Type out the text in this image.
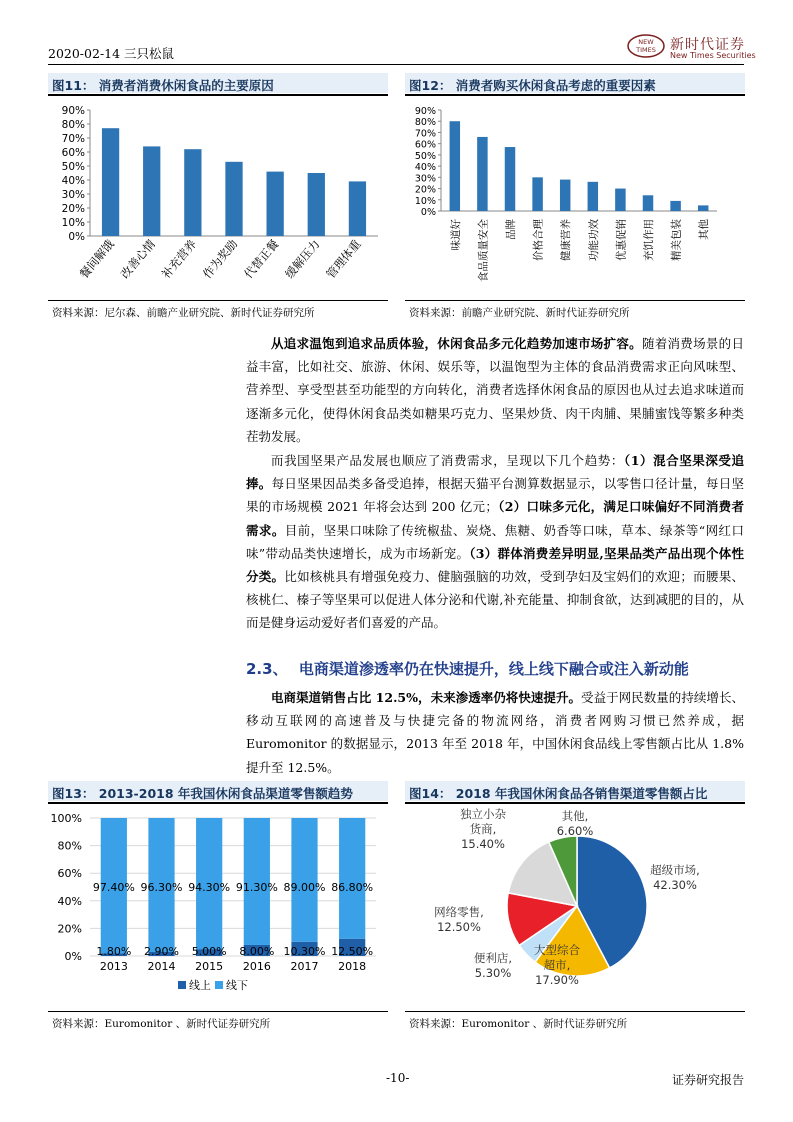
2020-02-14 三只松鼠
NEW
TIMES 新时代证券
New Times Securities
图11： 消费者消费休闲食品的主要原因	图12： 消费者购买休闲食品考虑的重要因素
0%
10%
20%
30%
40%
50%
60%
70%
80%
90%
餐间解饿 改善心情 补充营养 作为奖励 代替正餐 缓解压力 管理体重
0%
10%
20%
30%
40%
50%
60%
70%
80%
90%
味道好 食品质量安全 品牌 价格合理 健康营养 功能功效 优惠促销 充饥作用 精美包装 其他
资料来源：尼尔森、前瞻产业研究院、新时代证券研究所	资料来源：前瞻产业研究院、新时代证券研究所
从追求温饱到追求品质体验，休闲食品多元化趋势加速市场扩容。随着消费场景的日益丰富，比如社交、旅游、休闲、娱乐等，以温饱型为主体的食品消费需求正向风味型、营养型、享受型甚至功能型的方向转化，消费者选择休闲食品的原因也从过去追求味道而逐渐多元化，使得休闲食品类如糖果巧克力、坚果炒货、肉干肉脯、果脯蜜饯等繁多种类茬勃发展。
而我国坚果产品发展也顺应了消费需求，呈现以下几个趋势：（1）混合坚果深受追捧。每日坚果因品类多备受追捧，根据天猫平台测算数据显示，以零售口径计量，每日坚果的市场规模 2021 年将会达到 200 亿元；（2）口味多元化，满足口味偏好不同消费者需求。目前，坚果口味除了传统椒盐、炭烧、焦糖、奶香等口味，草本、绿茶等“网红口味”带动品类快速增长，成为市场新宠。（3）群体消费差异明显,坚果品类产品出现个体性分类。比如核桃具有增强免疫力、健脑强脑的功效，受到孕妇及宝妈们的欢迎；而腰果、核桃仁、榛子等坚果可以促进人体分泌和代谢,补充能量、抑制食欲，达到减肥的目的，从而是健身运动爱好者们喜爱的产品。
2.3、 电商渠道渗透率仍在快速提升，线上线下融合或注入新动能
电商渠道销售占比 12.5%，未来渗透率仍将快速提升。受益于网民数量的持续增长、移动互联网的高速普及与快捷完备的物流网络，消费者网购习惯已然养成，据 Euromonitor 的数据显示，2013 年至 2018 年，中国休闲食品线上零售额占比从 1.8%提升至 12.5%。
图13： 2013-2018 年我国休闲食品渠道零售额趋势	图14： 2018 年我国休闲食品各销售渠道零售额占比
0%
20%
40%
60%
80%
100%
97.40%
1.80%
2013
96.30%
2.90%
2014
94.30%
5.00%
2015
91.30%
8.00%
2016
89.00%
10.30%
2017
86.80%
12.50%
2018
线上 线下
超级市场,
42.30%
大型综合
超市,
17.90%
便利店,
5.30%
网络零售,
12.50%
独立小杂
货商,
15.40%
其他,
6.60%
资料来源：Euromonitor 、新时代证券研究所	资料来源：Euromonitor 、新时代证券研究所
-10-	证券研究报告
